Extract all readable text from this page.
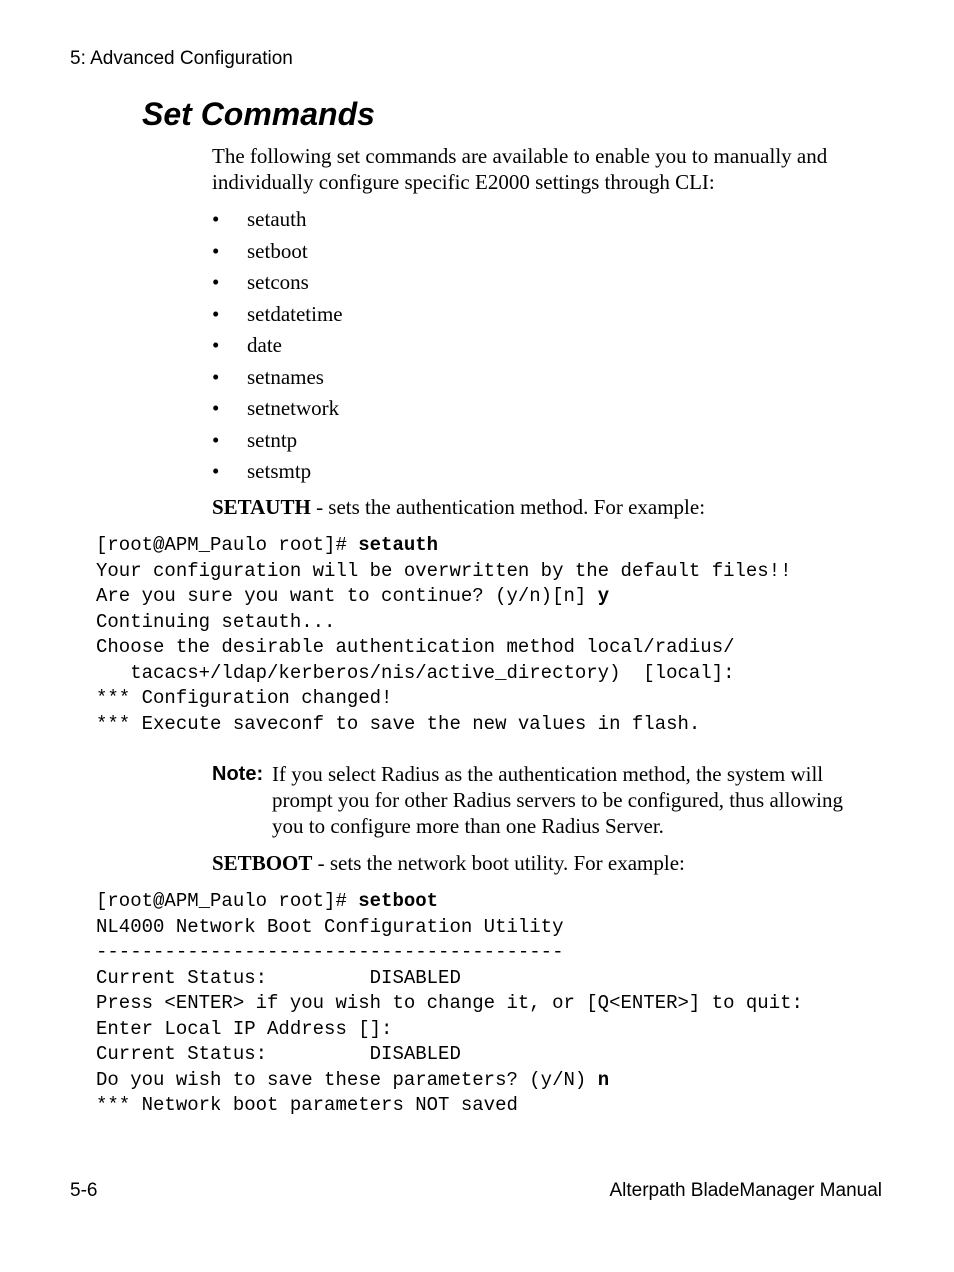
5: Advanced Configuration
Set Commands

The following set commands are available to enable you to manually and individually configure specific E2000 settings through CLI:

• setauth
• setboot
• setcons
• setdatetime
• date
• setnames
• setnetwork
• setntp
• setsmtp

SETAUTH - sets the authentication method. For example:

[root@APM_Paulo root]# setauth
Your configuration will be overwritten by the default files!!
Are you sure you want to continue? (y/n)[n] y
Continuing setauth...
Choose the desirable authentication method local/radius/
tacacs+/ldap/kerberos/nis/active_directory)  [local]:
*** Configuration changed!
*** Execute saveconf to save the new values in flash.
Note: If you select Radius as the authentication method, the system will prompt you for other Radius servers to be configured, thus allowing you to configure more than one Radius Server.

SETBOOT - sets the network boot utility. For example:

[root@APM_Paulo root]# setboot
NL4000 Network Boot Configuration Utility
-----------------------------------------
Current Status:         DISABLED
Press <ENTER> if you wish to change it, or [Q<ENTER>] to quit:
Enter Local IP Address []:
Current Status:         DISABLED
Do you wish to save these parameters? (y/N) n
*** Network boot parameters NOT saved
5-6	Alterpath BladeManager Manual
